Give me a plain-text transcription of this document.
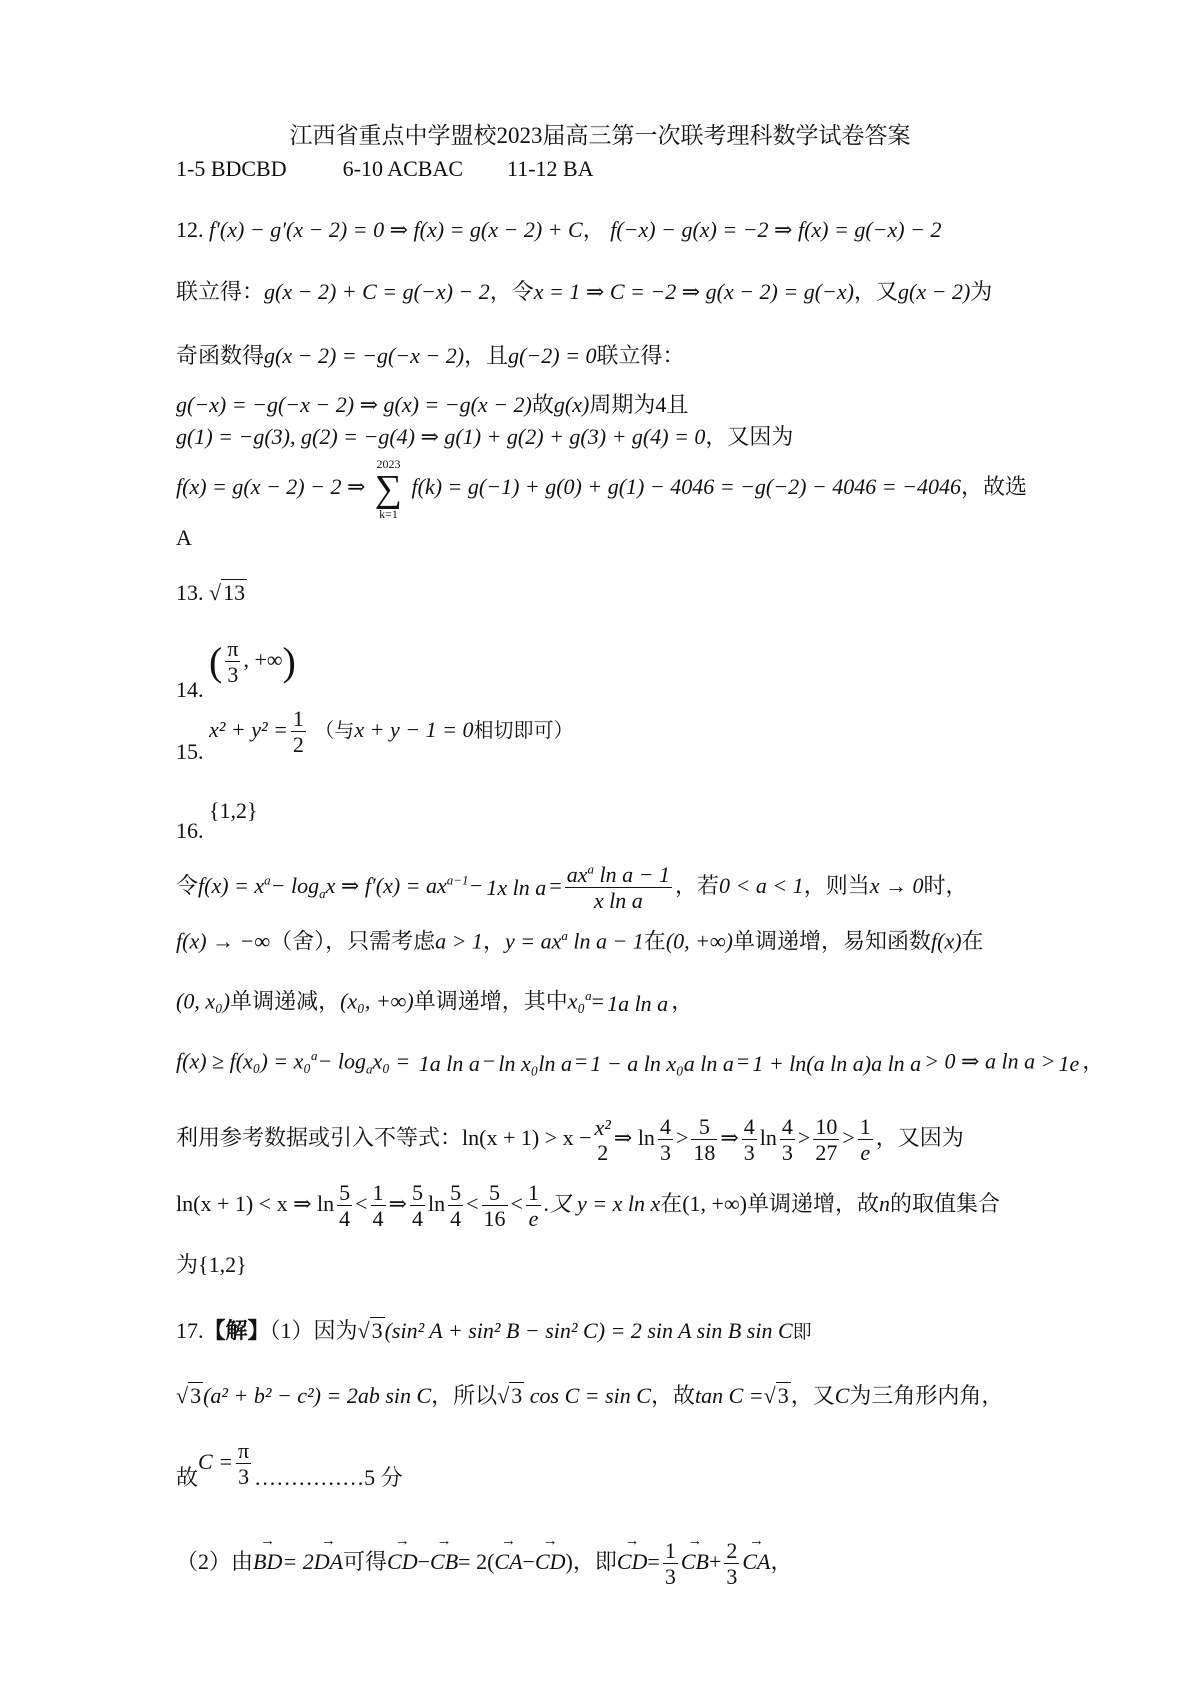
江西省重点中学盟校2023届高三第一次联考理科数学试卷答案
1-5 BDCBD	6-10 ACBAC 11-12 BA
12. f′(x) − g′(x − 2) = 0 ⇒ f(x) = g(x − 2) + C， f(−x) − g(x) = −2 ⇒ f(x) = g(−x) − 2
联立得：g(x − 2) + C = g(−x) − 2，令x = 1 ⇒ C = −2 ⇒ g(x − 2) = g(−x)，又g(x − 2)为
奇函数得g(x − 2) = −g(−x − 2)，且g(−2) = 0联立得：
g(−x) = −g(−x − 2) ⇒ g(x) = −g(x − 2)故g(x)周期为4且
g(1) = −g(3), g(2) = −g(4) ⇒ g(1) + g(2) + g(3) + g(4) = 0，又因为
f(x) = g(x − 2) − 2 ⇒
2023
∑
k=1
f(k) = g(−1) + g(0) + g(1) − 4046 = −g(−2) − 4046 = −4046，故选
A
13. √13
14. ( $\frac{\pi}{3}$ , +∞)
15. $x^2 + y^2 = \frac{1}{2}$ （与x + y − 1 = 0相切即可）
16. {1,2}
令$f(x) = x^a- \log_ax$ ⇒ $f'(x) = ax^{a-1}- 1x$ $\ln a = \frac{ax^a \ln a - 1}{\text{x ln a}}$ ，若0 < a < 1，则当x → 0时，
f(x) → −∞（舍），只需考虑a > 1，$y = ax^a$ ln a − 1在(0, +∞)单调递增，易知函数f(x)在
(0, x₀)单调递减，(x₀, +∞)单调递增，其中x₀$^a$= 1a ln a ，
$f(x) \ge f(x_0) = x_0^a- \log_ax_0 = 1a$ ln a − ln x₀ln a = 1 − a ln x₀a ln a = 1 + ln(a ln a)a ln a > 0 ⇒ a ln a > 1e ，
利用参考数据或引入不等式：ln(x + 1) > x − x²
2
⇒ $\ln \frac{4}{3} > \frac{5}{18}$ ⇒ $\frac{4}{3}$ $\ln \frac{4}{3} > \frac{10}{27} > \frac{1}{e}$ ，又因为
ln(x + 1) < x ⇒ $\ln \frac{5}{4} < \frac{1}{4}$ ⇒ $\frac{5}{4}$ $\ln \frac{5}{4} < \frac{5}{16} < \frac{1}{e}$ .又 y = x ln x在(1, +∞)单调递增，故n的取值集合
为{1,2}
17.【解】（1）因为√3(sin² A + sin² B − sin² C) = 2 sin A sin B sin C即
√3(a² + b² − c²) = 2ab sin C，所以√3 cos C = sin C，故tan C =√3，又C为三角形内角，
故$C = \frac{\pi}{3}$ ……………5 分
（2）由→ BD= 2→ DA可得→ CD−→ CB= 2(→ CA−→ CD)，即→ $CD= \frac{1}{3}$
→ $CB+ \frac{2}{3}$
→ CA，
